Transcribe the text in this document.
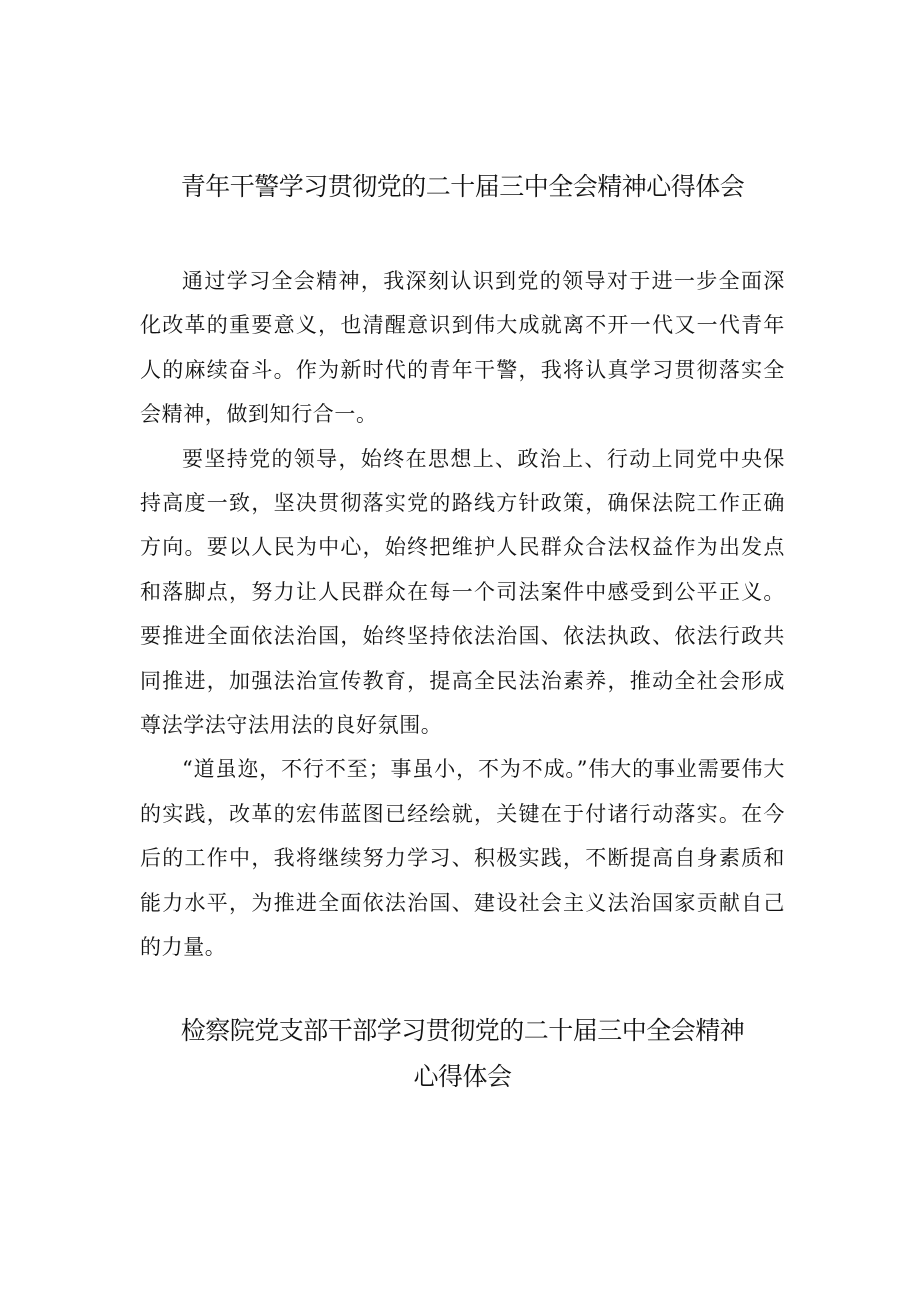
青年干警学习贯彻党的二十届三中全会精神心得体会

通过学习全会精神，我深刻认识到党的领导对于进一步全面深化改革的重要意义，也清醒意识到伟大成就离不开一代又一代青年人的麻续奋斗。作为新时代的青年干警，我将认真学习贯彻落实全会精神，做到知行合一。

要坚持党的领导，始终在思想上、政治上、行动上同党中央保持高度一致，坚决贯彻落实党的路线方针政策，确保法院工作正确方向。要以人民为中心，始终把维护人民群众合法权益作为出发点和落脚点，努力让人民群众在每一个司法案件中感受到公平正义。要推进全面依法治国，始终坚持依法治国、依法执政、依法行政共同推进，加强法治宣传教育，提高全民法治素养，推动全社会形成尊法学法守法用法的良好氛围。

“道虽迩，不行不至；事虽小，不为不成。”伟大的事业需要伟大的实践，改革的宏伟蓝图已经绘就，关键在于付诸行动落实。在今后的工作中，我将继续努力学习、积极实践，不断提高自身素质和能力水平，为推进全面依法治国、建设社会主义法治国家贡献自己的力量。

检察院党支部干部学习贯彻党的二十届三中全会精神
心得体会
